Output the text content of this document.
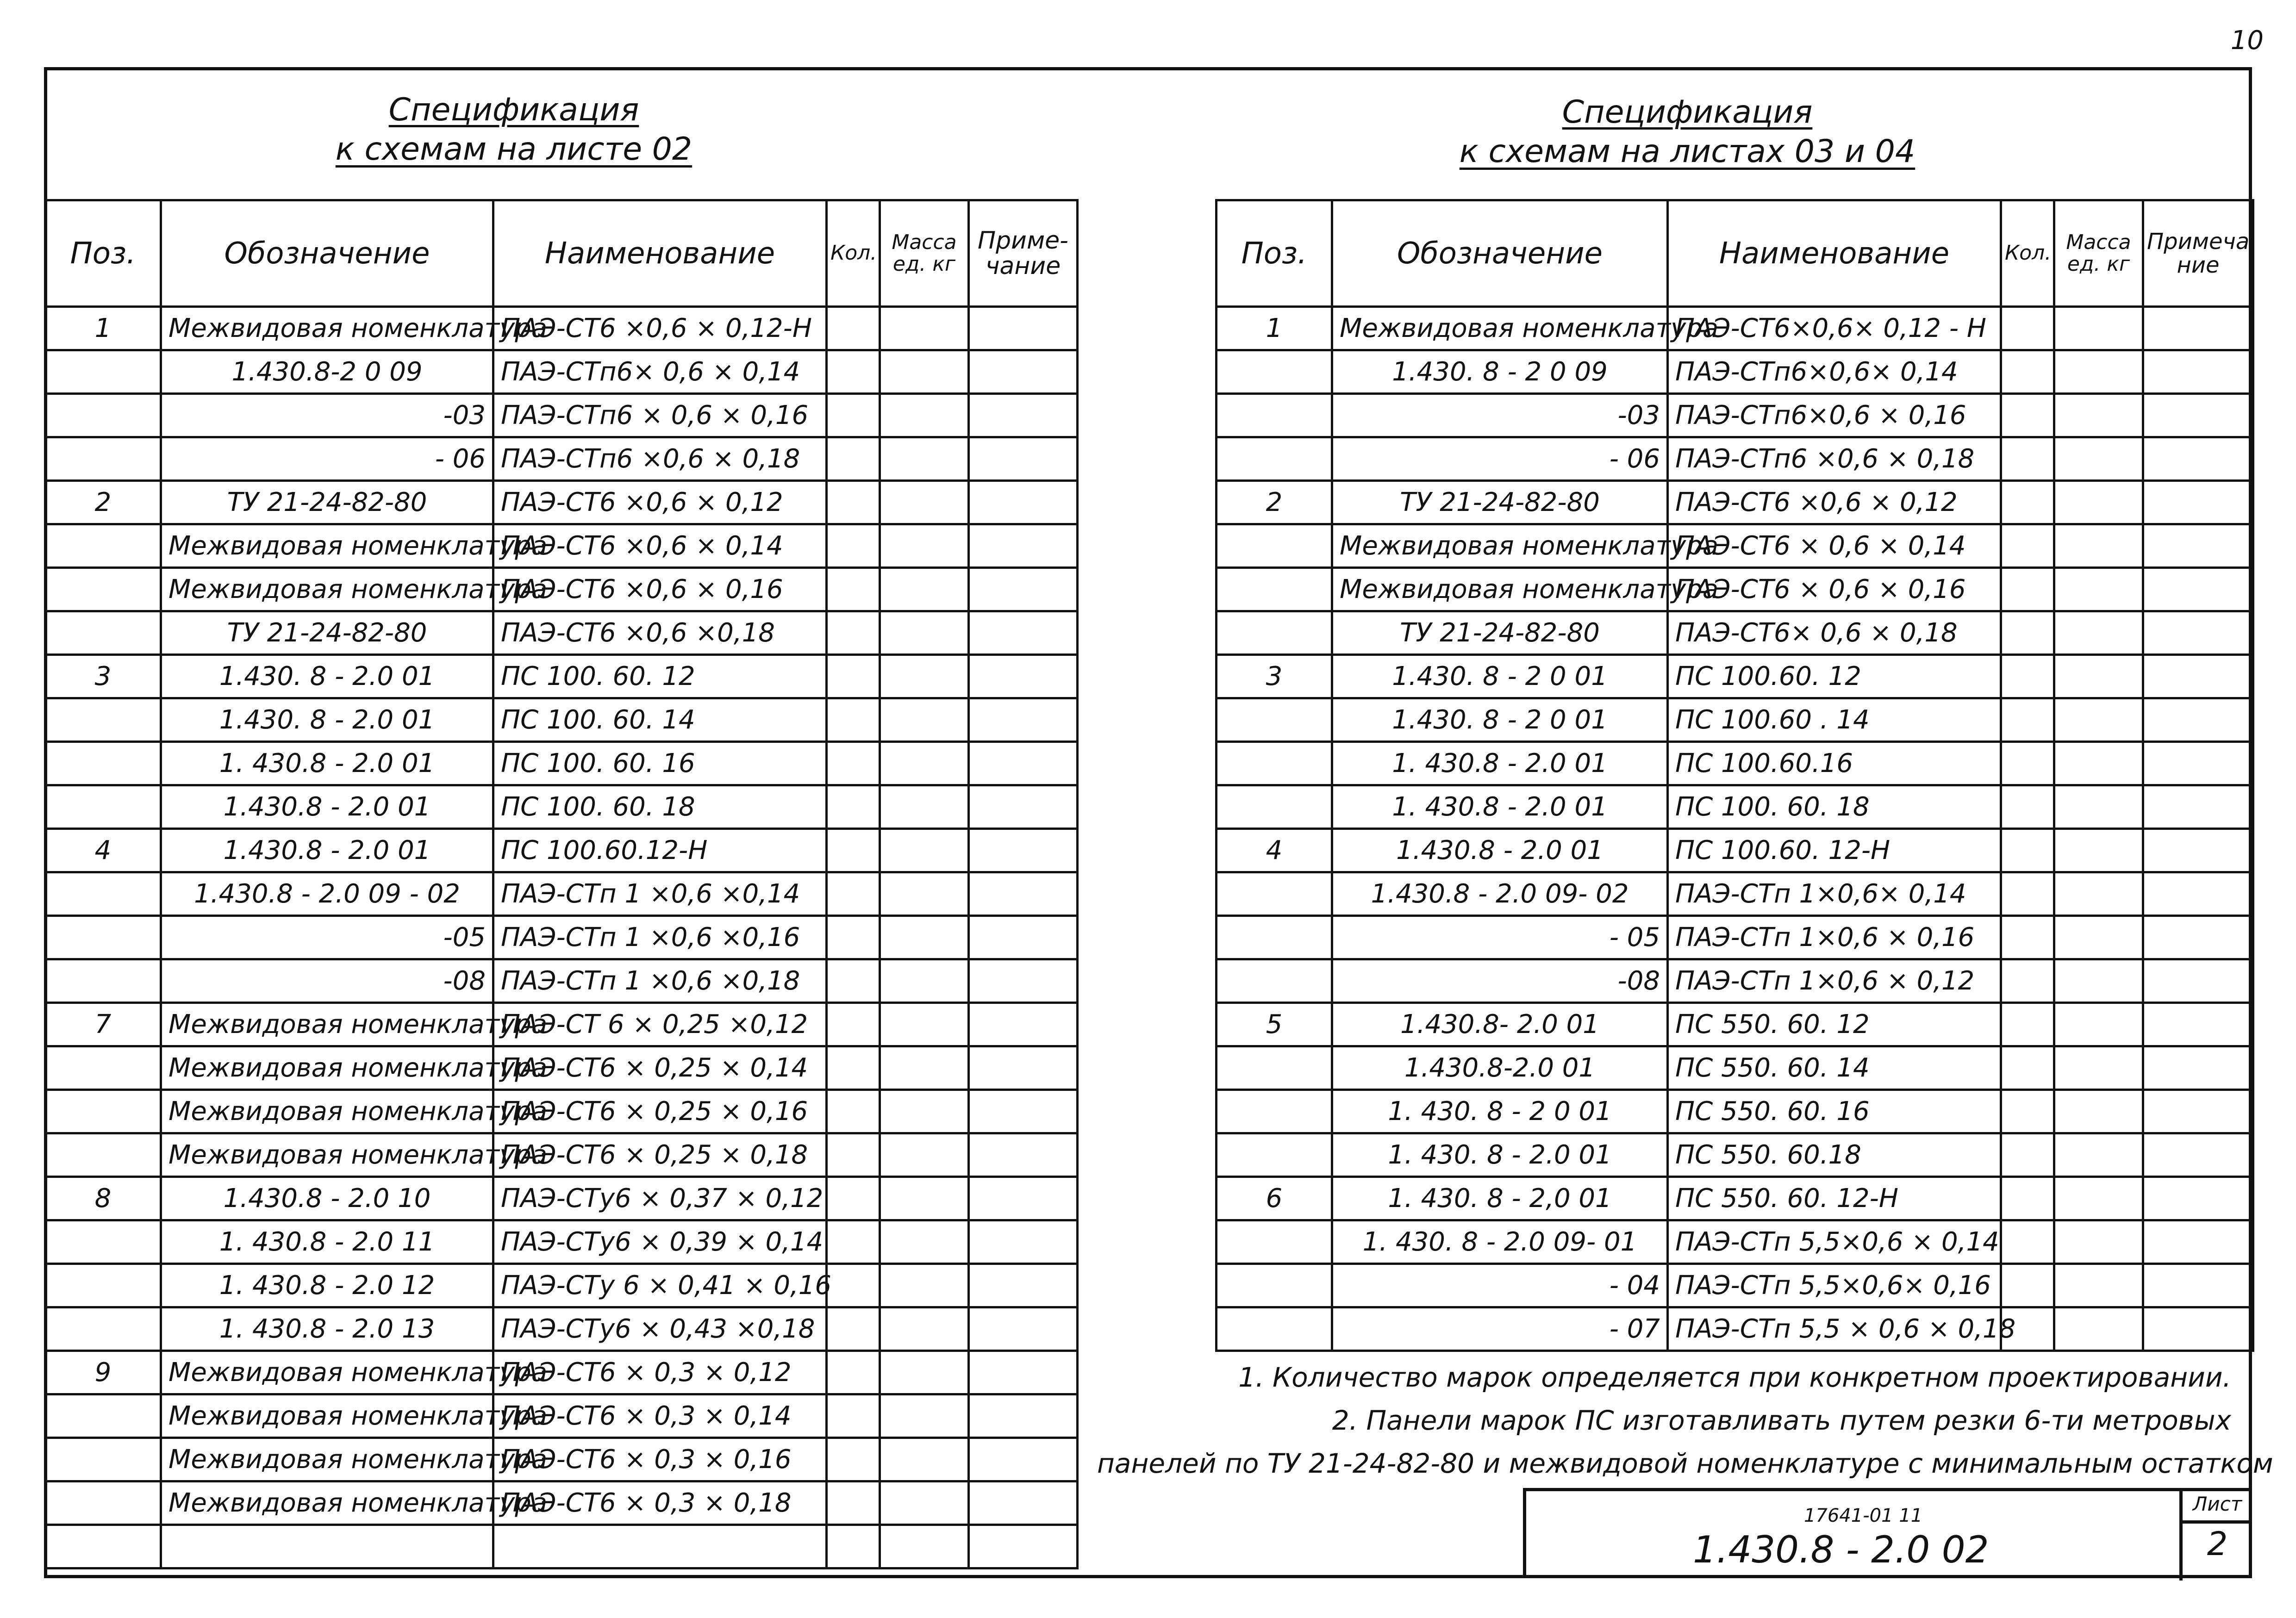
10
Спецификация
к схемам на листе 02
Спецификация
к схемам на листах 03 и 04
Поз.	Обозначение	Наименование	Кол.	Масса ед. кг	Приме- чание
1	Межвидовая номенклатура	ПАЭ-СТ6 ×0,6 × 0,12-Н			
	1.430.8-2 0 09	ПАЭ-СТп6× 0,6 × 0,14			
	-03	ПАЭ-СТп6 × 0,6 × 0,16			
	- 06	ПАЭ-СТп6 ×0,6 × 0,18			
2	ТУ 21-24-82-80	ПАЭ-СТ6 ×0,6 × 0,12			
	Межвидовая номенклатура	ПАЭ-СТ6 ×0,6 × 0,14			
	Межвидовая номенклатура	ПАЭ-СТ6 ×0,6 × 0,16			
	ТУ 21-24-82-80	ПАЭ-СТ6 ×0,6 ×0,18			
3	1.430. 8 - 2.0 01	ПС 100. 60. 12			
	1.430. 8 - 2.0 01	ПС 100. 60. 14			
	1. 430.8 - 2.0 01	ПС 100. 60. 16			
	1.430.8 - 2.0 01	ПС 100. 60. 18			
4	1.430.8 - 2.0 01	ПС 100.60.12-Н			
	1.430.8 - 2.0 09 - 02	ПАЭ-СТп 1 ×0,6 ×0,14			
	-05	ПАЭ-СТп 1 ×0,6 ×0,16			
	-08	ПАЭ-СТп 1 ×0,6 ×0,18			
7	Межвидовая номенклатура	ПАЭ-СТ 6 × 0,25 ×0,12			
	Межвидовая номенклатура	ПАЭ-СТ6 × 0,25 × 0,14			
	Межвидовая номенклатура	ПАЭ-СТ6 × 0,25 × 0,16			
	Межвидовая номенклатура	ПАЭ-СТ6 × 0,25 × 0,18			
8	1.430.8 - 2.0 10	ПАЭ-СТу6 × 0,37 × 0,12			
	1. 430.8 - 2.0 11	ПАЭ-СТу6 × 0,39 × 0,14			
	1. 430.8 - 2.0 12	ПАЭ-СТу 6 × 0,41 × 0,16			
	1. 430.8 - 2.0 13	ПАЭ-СТу6 × 0,43 ×0,18			
9	Межвидовая номенклатура	ПАЭ-СТ6 × 0,3 × 0,12			
	Межвидовая номенклатура	ПАЭ-СТ6 × 0,3 × 0,14			
	Межвидовая номенклатура	ПАЭ-СТ6 × 0,3 × 0,16			
	Межвидовая номенклатура	ПАЭ-СТ6 × 0,3 × 0,18			

Поз.	Обозначение	Наименование	Кол.	Масса ед. кг	Примеча ние
1	Межвидовая номенклатура	ПАЭ-СТ6×0,6× 0,12 - Н			
	1.430. 8 - 2 0 09	ПАЭ-СТп6×0,6× 0,14			
	-03	ПАЭ-СТп6×0,6 × 0,16			
	- 06	ПАЭ-СТп6 ×0,6 × 0,18			
2	ТУ 21-24-82-80	ПАЭ-СТ6 ×0,6 × 0,12			
	Межвидовая номенклатура	ПАЭ-СТ6 × 0,6 × 0,14			
	Межвидовая номенклатура	ПАЭ-СТ6 × 0,6 × 0,16			
	ТУ 21-24-82-80	ПАЭ-СТ6× 0,6 × 0,18			
3	1.430. 8 - 2 0 01	ПС 100.60. 12			
	1.430. 8 - 2 0 01	ПС 100.60 . 14			
	1. 430.8 - 2.0 01	ПС 100.60.16			
	1. 430.8 - 2.0 01	ПС 100. 60. 18			
4	1.430.8 - 2.0 01	ПС 100.60. 12-Н			
	1.430.8 - 2.0 09- 02	ПАЭ-СТп 1×0,6× 0,14			
	- 05	ПАЭ-СТп 1×0,6 × 0,16			
	-08	ПАЭ-СТп 1×0,6 × 0,12			
5	1.430.8- 2.0 01	ПС 550. 60. 12			
	1.430.8-2.0 01	ПС 550. 60. 14			
	1. 430. 8 - 2 0 01	ПС 550. 60. 16			
	1. 430. 8 - 2.0 01	ПС 550. 60.18			
6	1. 430. 8 - 2,0 01	ПС 550. 60. 12-Н			
	1. 430. 8 - 2.0 09- 01	ПАЭ-СТп 5,5×0,6 × 0,14			
	- 04	ПАЭ-СТп 5,5×0,6× 0,16			
	- 07	ПАЭ-СТп 5,5 × 0,6 × 0,18			
1. Количество марок определяется при конкретном проектировании.
2. Панели марок ПС изготавливать путем резки 6-ти метровых
панелей по ТУ 21-24-82-80 и межвидовой номенклатуре с минимальным остатком
17641-01 11
1.430.8 - 2.0 02
Лист
2
